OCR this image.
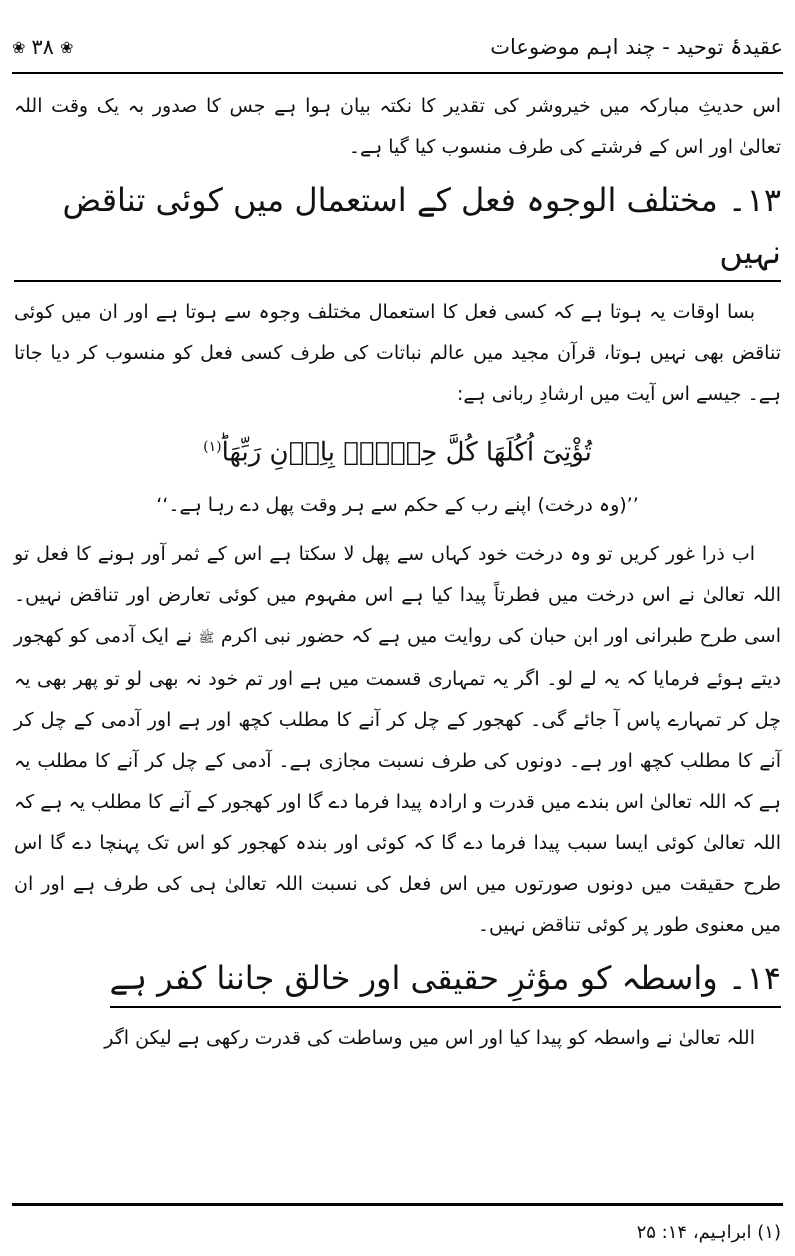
❀ ۳۸ ❀	عقیدۂ توحید - چند اہم موضوعات

اس حدیثِ مبارکہ میں خیروشر کی تقدیر کا نکتہ بیان ہوا ہے جس کا صدور بہ یک وقت اللہ تعالیٰ اور اس کے فرشتے کی طرف منسوب کیا گیا ہے۔

۱۳۔ مختلف الوجوہ فعل کے استعمال میں کوئی تناقض نہیں

بسا اوقات یہ ہوتا ہے کہ کسی فعل کا استعمال مختلف وجوہ سے ہوتا ہے اور ان میں کوئی تناقض بھی نہیں ہوتا، قرآن مجید میں عالم نباتات کی طرف کسی فعل کو منسوب کر دیا جاتا ہے۔ جیسے اس آیت میں ارشادِ ربانی ہے:

تُؤْتِیٓ اُکُلَهَا كُلَّ حِيۡنٍۢ بِاِذۡنِ رَبِّهَاؕ$^{(۱)}$

’’(وہ درخت) اپنے رب کے حکم سے ہر وقت پھل دے رہا ہے۔‘‘

اب ذرا غور کریں تو وہ درخت خود کہاں سے پھل لا سکتا ہے اس کے ثمر آور ہونے کا فعل تو اللہ تعالیٰ نے اس درخت میں فطرتاً پیدا کیا ہے اس مفہوم میں کوئی تعارض اور تناقض نہیں۔ اسی طرح طبرانی اور ابن حبان کی روایت میں ہے کہ حضور نبی اکرم ﷺ نے ایک آدمی کو کھجور دیتے ہوئے فرمایا کہ یہ لے لو۔ اگر یہ تمہاری قسمت میں ہے اور تم خود نہ بھی لو تو پھر بھی یہ چل کر تمہارے پاس آ جائے گی۔ کھجور کے چل کر آنے کا مطلب کچھ اور ہے اور آدمی کے چل کر آنے کا مطلب کچھ اور ہے۔ دونوں کی طرف نسبت مجازی ہے۔ آدمی کے چل کر آنے کا مطلب یہ ہے کہ اللہ تعالیٰ اس بندے میں قدرت و ارادہ پیدا فرما دے گا اور کھجور کے آنے کا مطلب یہ ہے کہ اللہ تعالیٰ کوئی ایسا سبب پیدا فرما دے گا کہ کوئی اور بندہ کھجور کو اس تک پہنچا دے گا اس طرح حقیقت میں دونوں صورتوں میں اس فعل کی نسبت اللہ تعالیٰ ہی کی طرف ہے اور ان میں معنوی طور پر کوئی تناقض نہیں۔

۱۴۔ واسطہ کو مؤثرِ حقیقی اور خالق جاننا کفر ہے

اللہ تعالیٰ نے واسطہ کو پیدا کیا اور اس میں وساطت کی قدرت رکھی ہے لیکن اگر

(۱) ابراہیم، ۱۴: ۲۵
